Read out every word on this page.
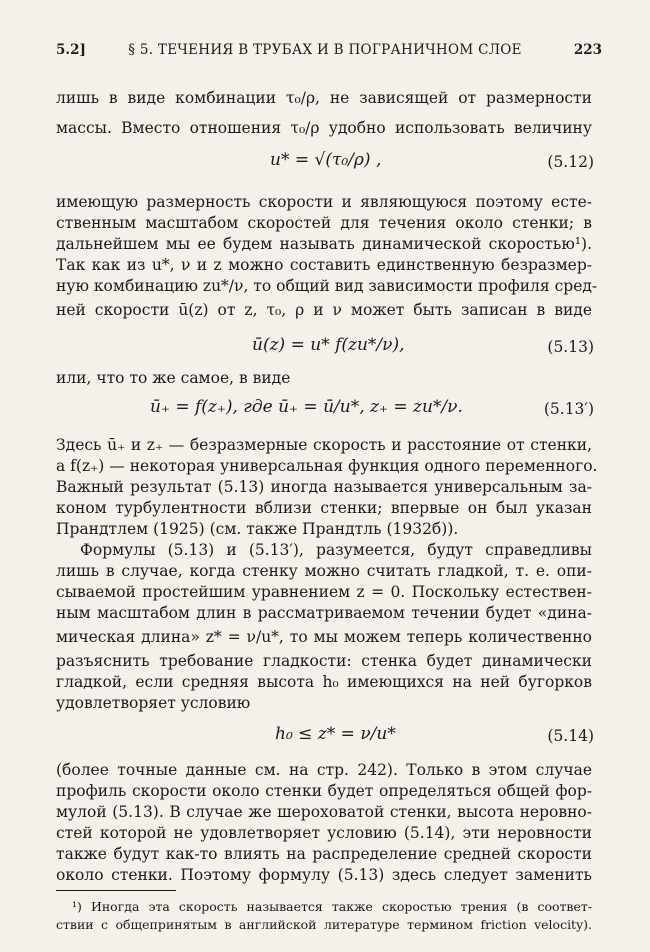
5.2]	§ 5. ТЕЧЕНИЯ В ТРУБАХ И В ПОГРАНИЧНОМ СЛОЕ	223
лишь в виде комбинации τ₀/ρ, не зависящей от размерности
массы. Вместо отношения τ₀/ρ удобно использовать величину
u* = √(τ₀/ρ) ,	(5.12)
имеющую размерность скорости и являющуюся поэтому есте-
ственным масштабом скоростей для течения около стенки; в
дальнейшем мы ее будем называть динамической скоростью¹).
Так как из u*, ν и z можно составить единственную безразмер-
ную комбинацию zu*/ν, то общий вид зависимости профиля сред-
ней скорости ū(z) от z, τ₀, ρ и ν может быть записан в виде
ū(z) = u* f(zu*/ν),	(5.13)
или, что то же самое, в виде
ū₊ = f(z₊), где ū₊ = ū/u*, z₊ = zu*/ν.	(5.13′)
Здесь ū₊ и z₊ — безразмерные скорость и расстояние от стенки,
а f(z₊) — некоторая универсальная функция одного переменного.
Важный результат (5.13) иногда называется универсальным за-
коном турбулентности вблизи стенки; впервые он был указан
Прандтлем (1925) (см. также Прандтль (1932б)).
Формулы (5.13) и (5.13′), разумеется, будут справедливы
лишь в случае, когда стенку можно считать гладкой, т. е. опи-
сываемой простейшим уравнением z = 0. Поскольку естествен-
ным масштабом длин в рассматриваемом течении будет «дина-
мическая длина» z* = ν/u*, то мы можем теперь количественно
разъяснить требование гладкости: стенка будет динамически
гладкой, если средняя высота h₀ имеющихся на ней бугорков
удовлетворяет условию
h₀ ≤ z* = ν/u*	(5.14)
(более точные данные см. на стр. 242). Только в этом случае
профиль скорости около стенки будет определяться общей фор-
мулой (5.13). В случае же шероховатой стенки, высота неровно-
стей которой не удовлетворяет условию (5.14), эти неровности
также будут как-то влиять на распределение средней скорости
около стенки. Поэтому формулу (5.13) здесь следует заменить
¹) Иногда эта скорость называется также скоростью трения (в соответ-
ствии с общепринятым в английской литературе термином friction velocity).
